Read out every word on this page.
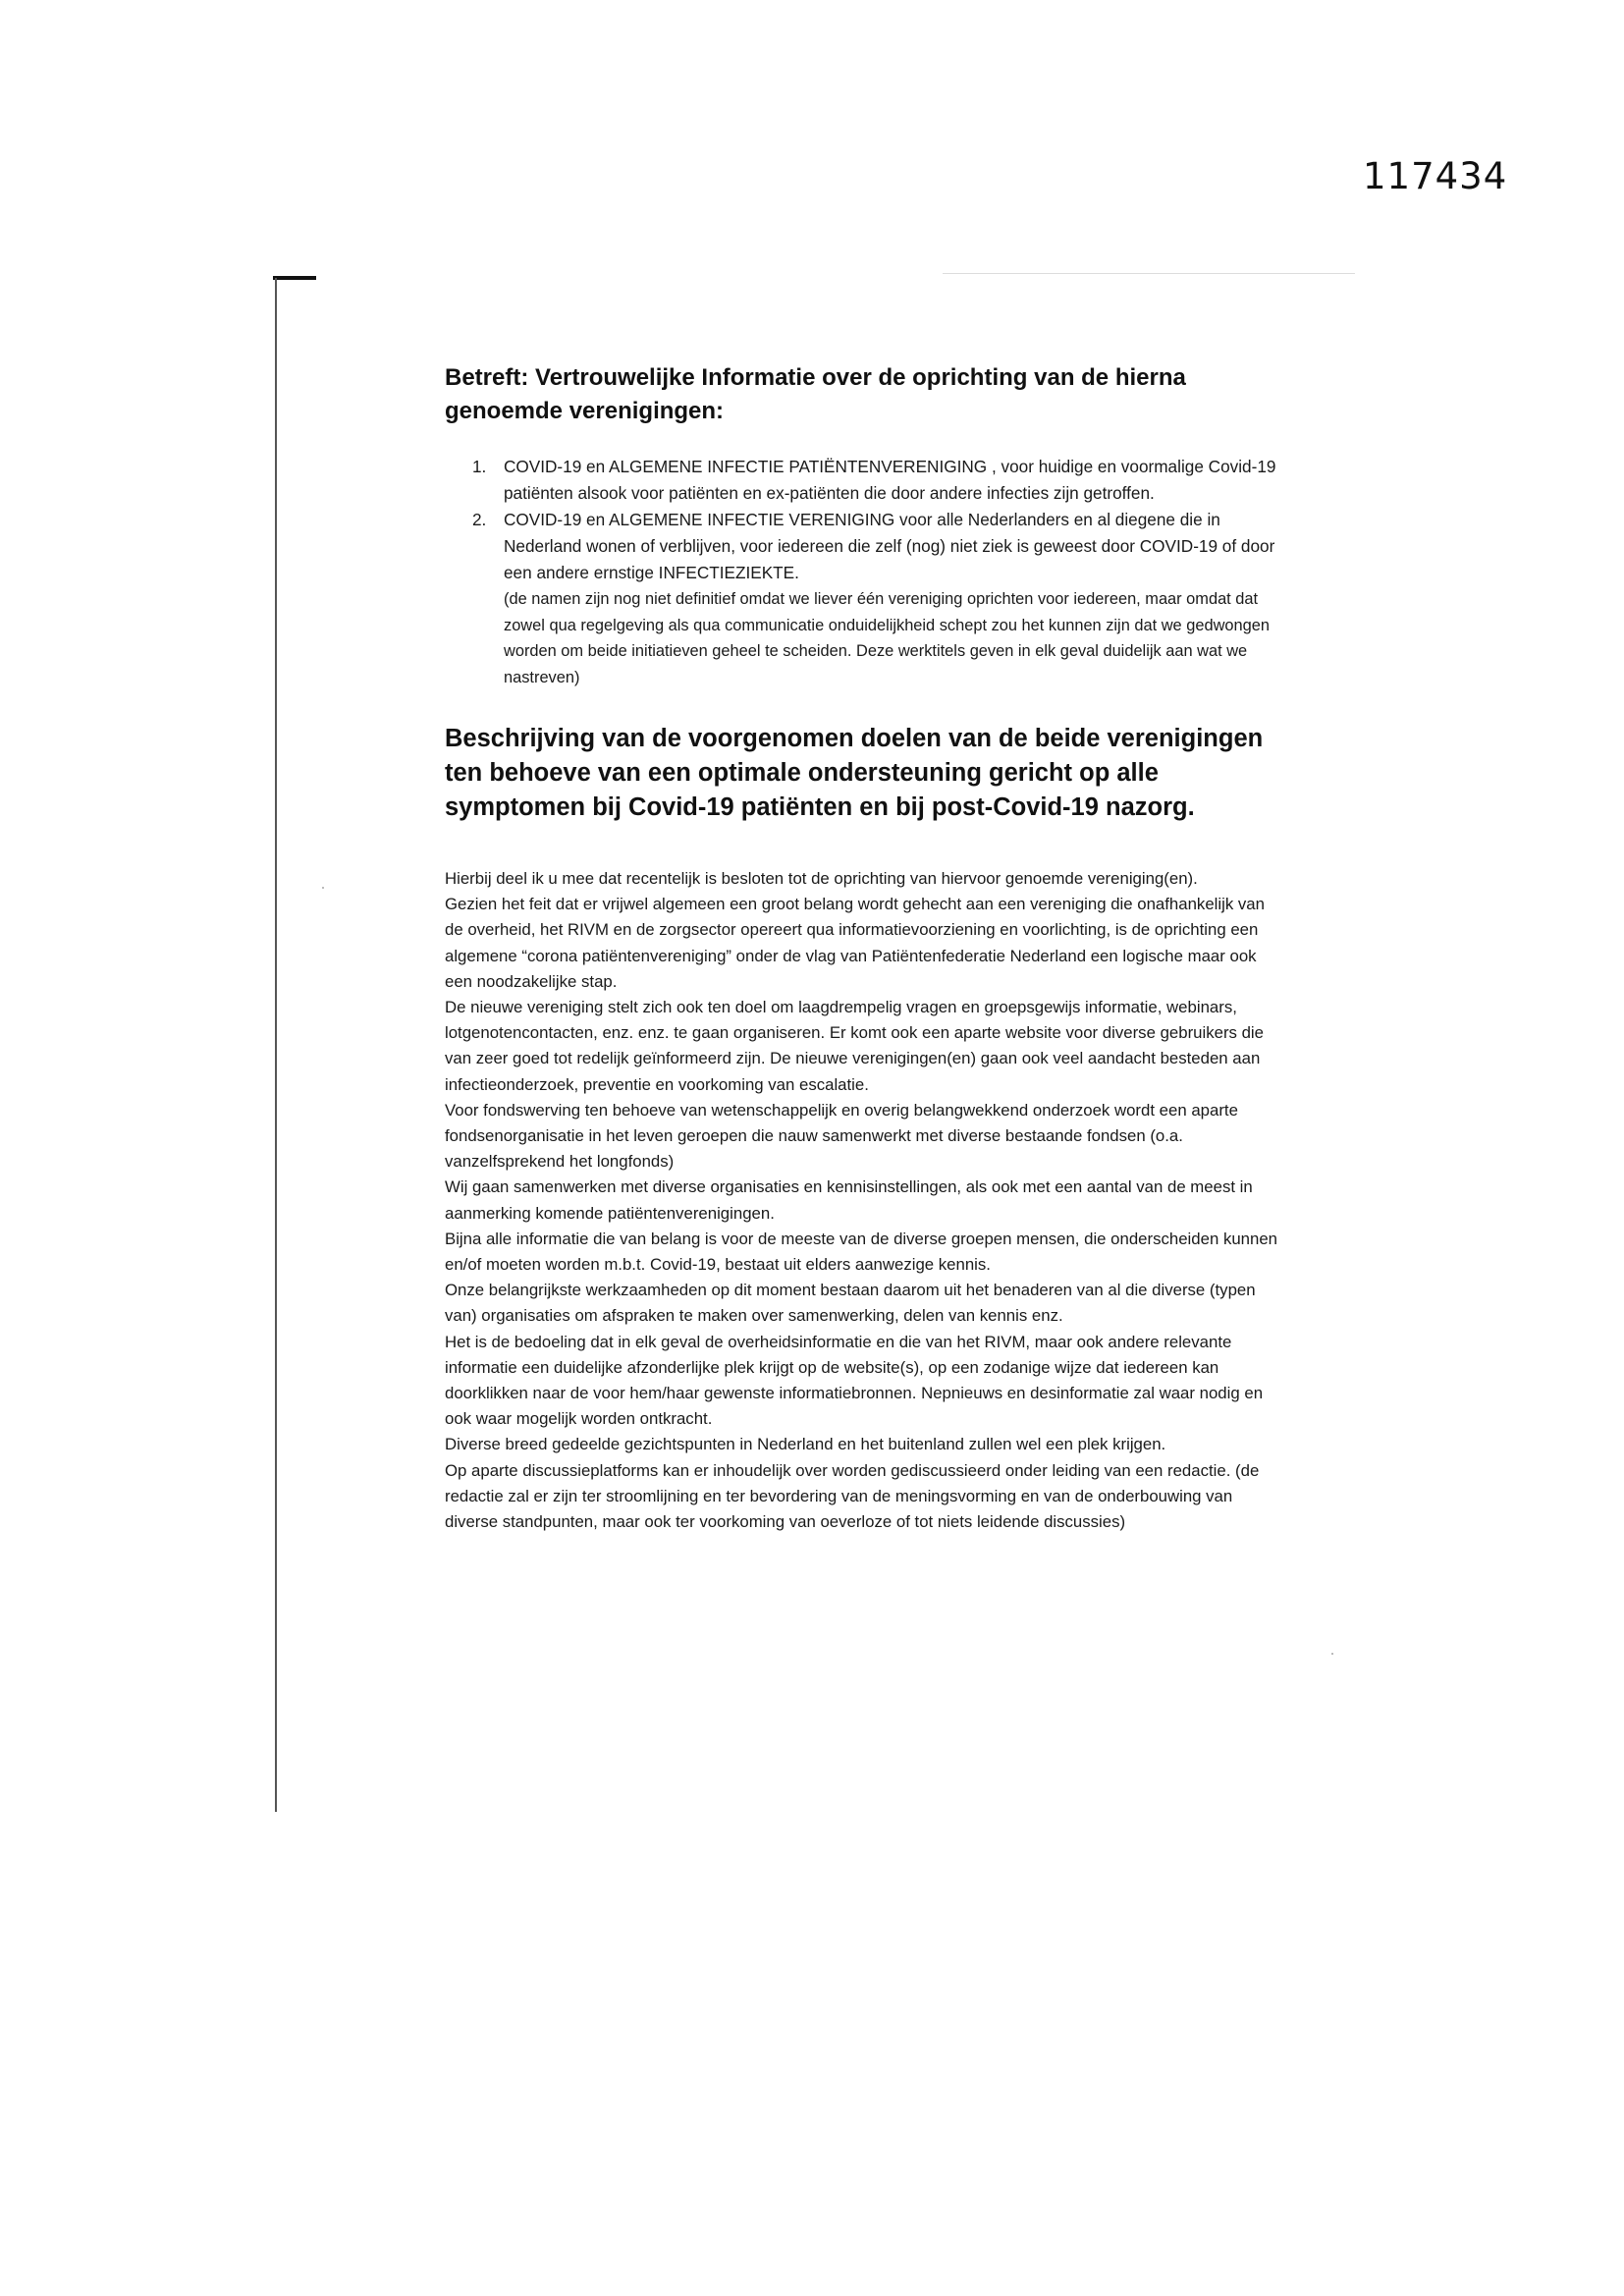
117434
Betreft: Vertrouwelijke Informatie over de oprichting van de hierna genoemde verenigingen:
1. COVID-19 en ALGEMENE INFECTIE PATIËNTENVERENIGING , voor huidige en voormalige Covid-19 patiënten alsook voor patiënten en ex-patiënten die door andere infecties zijn getroffen.
2. COVID-19 en ALGEMENE INFECTIE VERENIGING voor alle Nederlanders en al diegene die in Nederland wonen of verblijven, voor iedereen die zelf (nog) niet ziek is geweest door COVID-19 of door een andere ernstige INFECTIEZIEKTE.
(de namen zijn nog niet definitief omdat we liever één vereniging oprichten voor iedereen, maar omdat dat zowel qua regelgeving als qua communicatie onduidelijkheid schept zou het kunnen zijn dat we gedwongen worden om beide initiatieven geheel te scheiden. Deze werktitels geven in elk geval duidelijk aan wat we nastreven)
Beschrijving van de voorgenomen doelen van de beide verenigingen ten behoeve van een optimale ondersteuning gericht op alle symptomen bij Covid-19 patiënten en bij post-Covid-19 nazorg.

Hierbij deel ik u mee dat recentelijk is besloten tot de oprichting van hiervoor genoemde vereniging(en).

Gezien het feit dat er vrijwel algemeen een groot belang wordt gehecht aan een vereniging die onafhankelijk van de overheid, het RIVM en de zorgsector opereert qua informatievoorziening en voorlichting, is de oprichting een algemene “corona patiëntenvereniging” onder de vlag van Patiëntenfederatie Nederland een logische maar ook een noodzakelijke stap.

De nieuwe vereniging stelt zich ook ten doel om laagdrempelig vragen en groepsgewijs informatie, webinars, lotgenotencontacten, enz. enz. te gaan organiseren. Er komt ook een aparte website voor diverse gebruikers die van zeer goed tot redelijk geïnformeerd zijn. De nieuwe verenigingen(en) gaan ook veel aandacht besteden aan infectieonderzoek, preventie en voorkoming van escalatie.

Voor fondswerving ten behoeve van wetenschappelijk en overig belangwekkend onderzoek wordt een aparte fondsenorganisatie in het leven geroepen die nauw samenwerkt met diverse bestaande fondsen (o.a. vanzelfsprekend het longfonds)

Wij gaan samenwerken met diverse organisaties en kennisinstellingen, als ook met een aantal van de meest in aanmerking komende patiëntenverenigingen.

Bijna alle informatie die van belang is voor de meeste van de diverse groepen mensen, die onderscheiden kunnen en/of moeten worden m.b.t. Covid-19, bestaat uit elders aanwezige kennis.

Onze belangrijkste werkzaamheden op dit moment bestaan daarom uit het benaderen van al die diverse (typen van) organisaties om afspraken te maken over samenwerking, delen van kennis enz.

Het is de bedoeling dat in elk geval de overheidsinformatie en die van het RIVM, maar ook andere relevante informatie een duidelijke afzonderlijke plek krijgt op de website(s), op een zodanige wijze dat iedereen kan doorklikken naar de voor hem/haar gewenste informatiebronnen. Nepnieuws en desinformatie zal waar nodig en ook waar mogelijk worden ontkracht.

Diverse breed gedeelde gezichtspunten in Nederland en het buitenland zullen wel een plek krijgen.

Op aparte discussieplatforms kan er inhoudelijk over worden gediscussieerd onder leiding van een redactie. (de redactie zal er zijn ter stroomlijning en ter bevordering van de meningsvorming en van de onderbouwing van diverse standpunten, maar ook ter voorkoming van oeverloze of tot niets leidende discussies)
